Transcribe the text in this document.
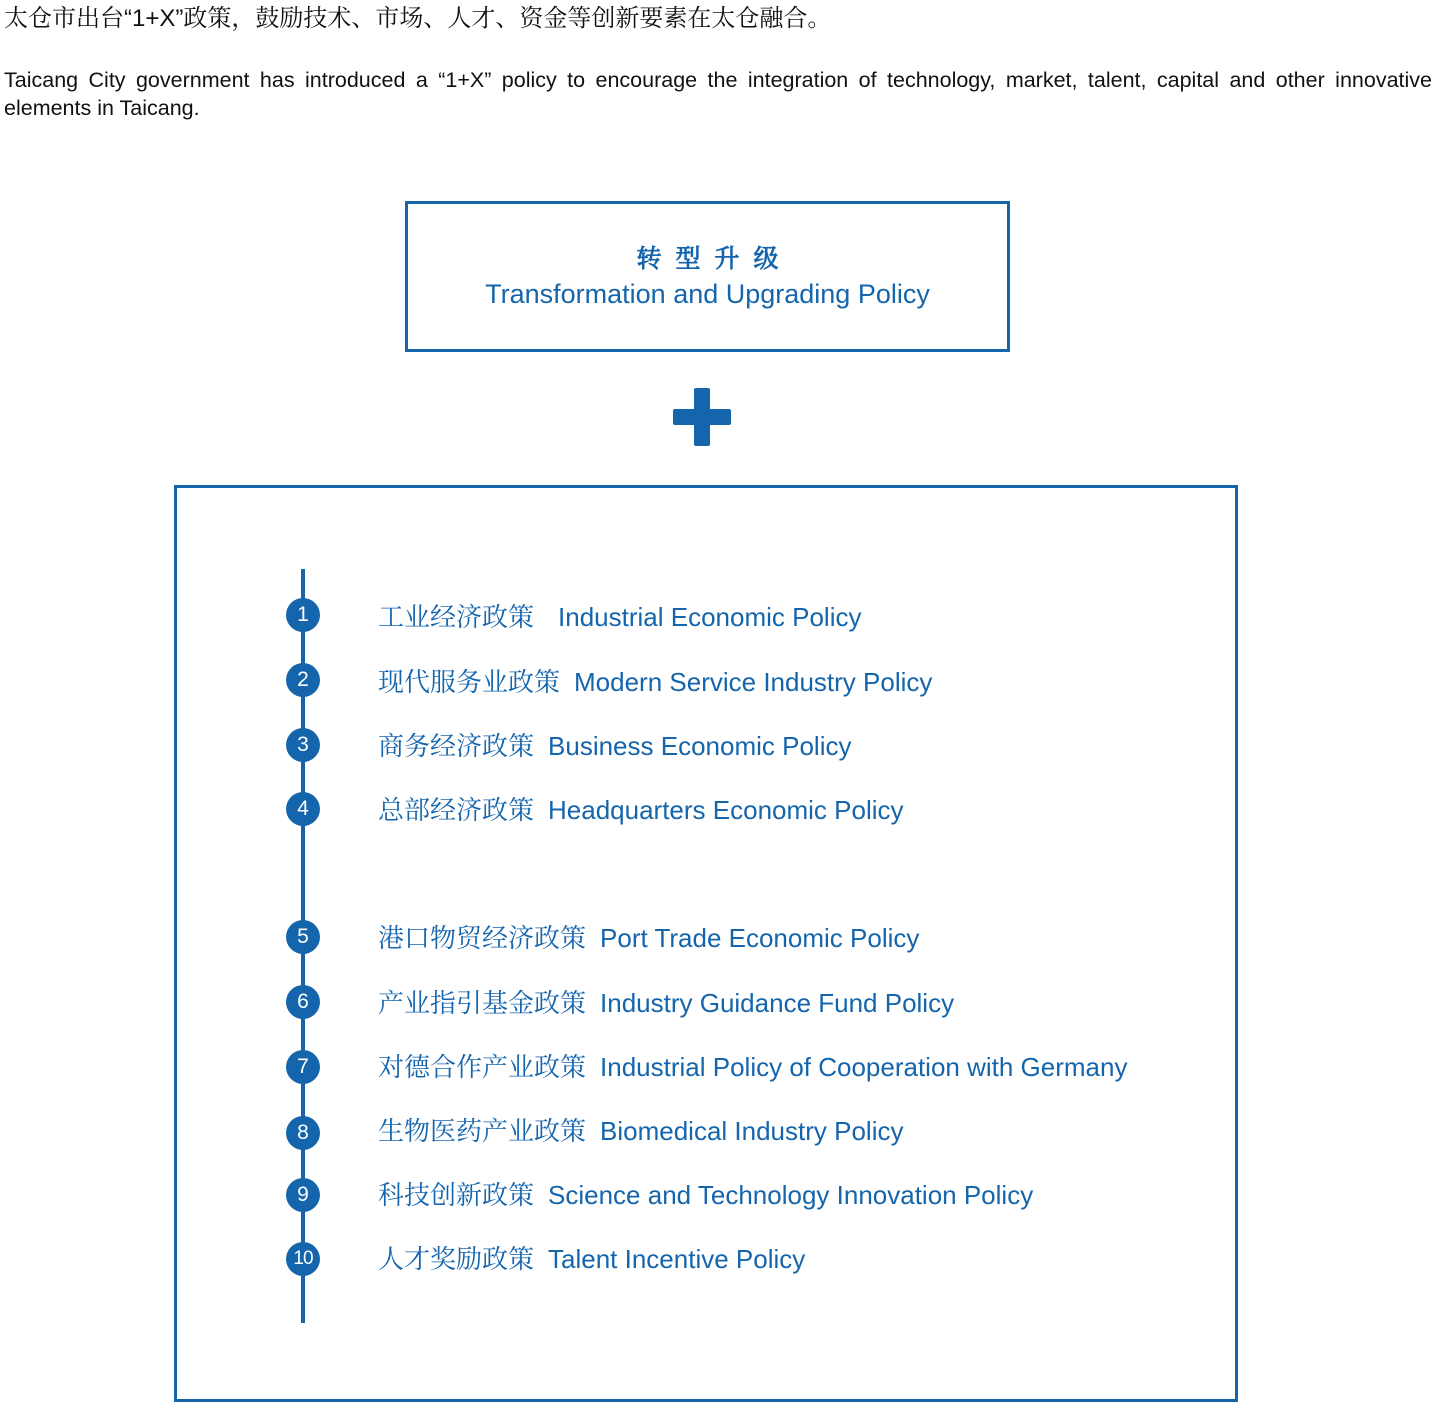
太仓市出台“1+X”政策，鼓励技术、市场、人才、资金等创新要素在太仓融合。
Taicang City government has introduced a “1+X” policy to encourage the integration of technology, market, talent, capital and other innovative elements in Taicang.
转型升级
Transformation and Upgrading Policy
1	工业经济政策 Industrial Economic Policy
2	现代服务业政策 Modern Service Industry Policy
3	商务经济政策 Business Economic Policy
4	总部经济政策 Headquarters Economic Policy
5	港口物贸经济政策 Port Trade Economic Policy
6	产业指引基金政策 Industry Guidance Fund Policy
7	对德合作产业政策 Industrial Policy of Cooperation with Germany
8	生物医药产业政策 Biomedical Industry Policy
9	科技创新政策 Science and Technology Innovation Policy
10	人才奖励政策 Talent Incentive Policy
